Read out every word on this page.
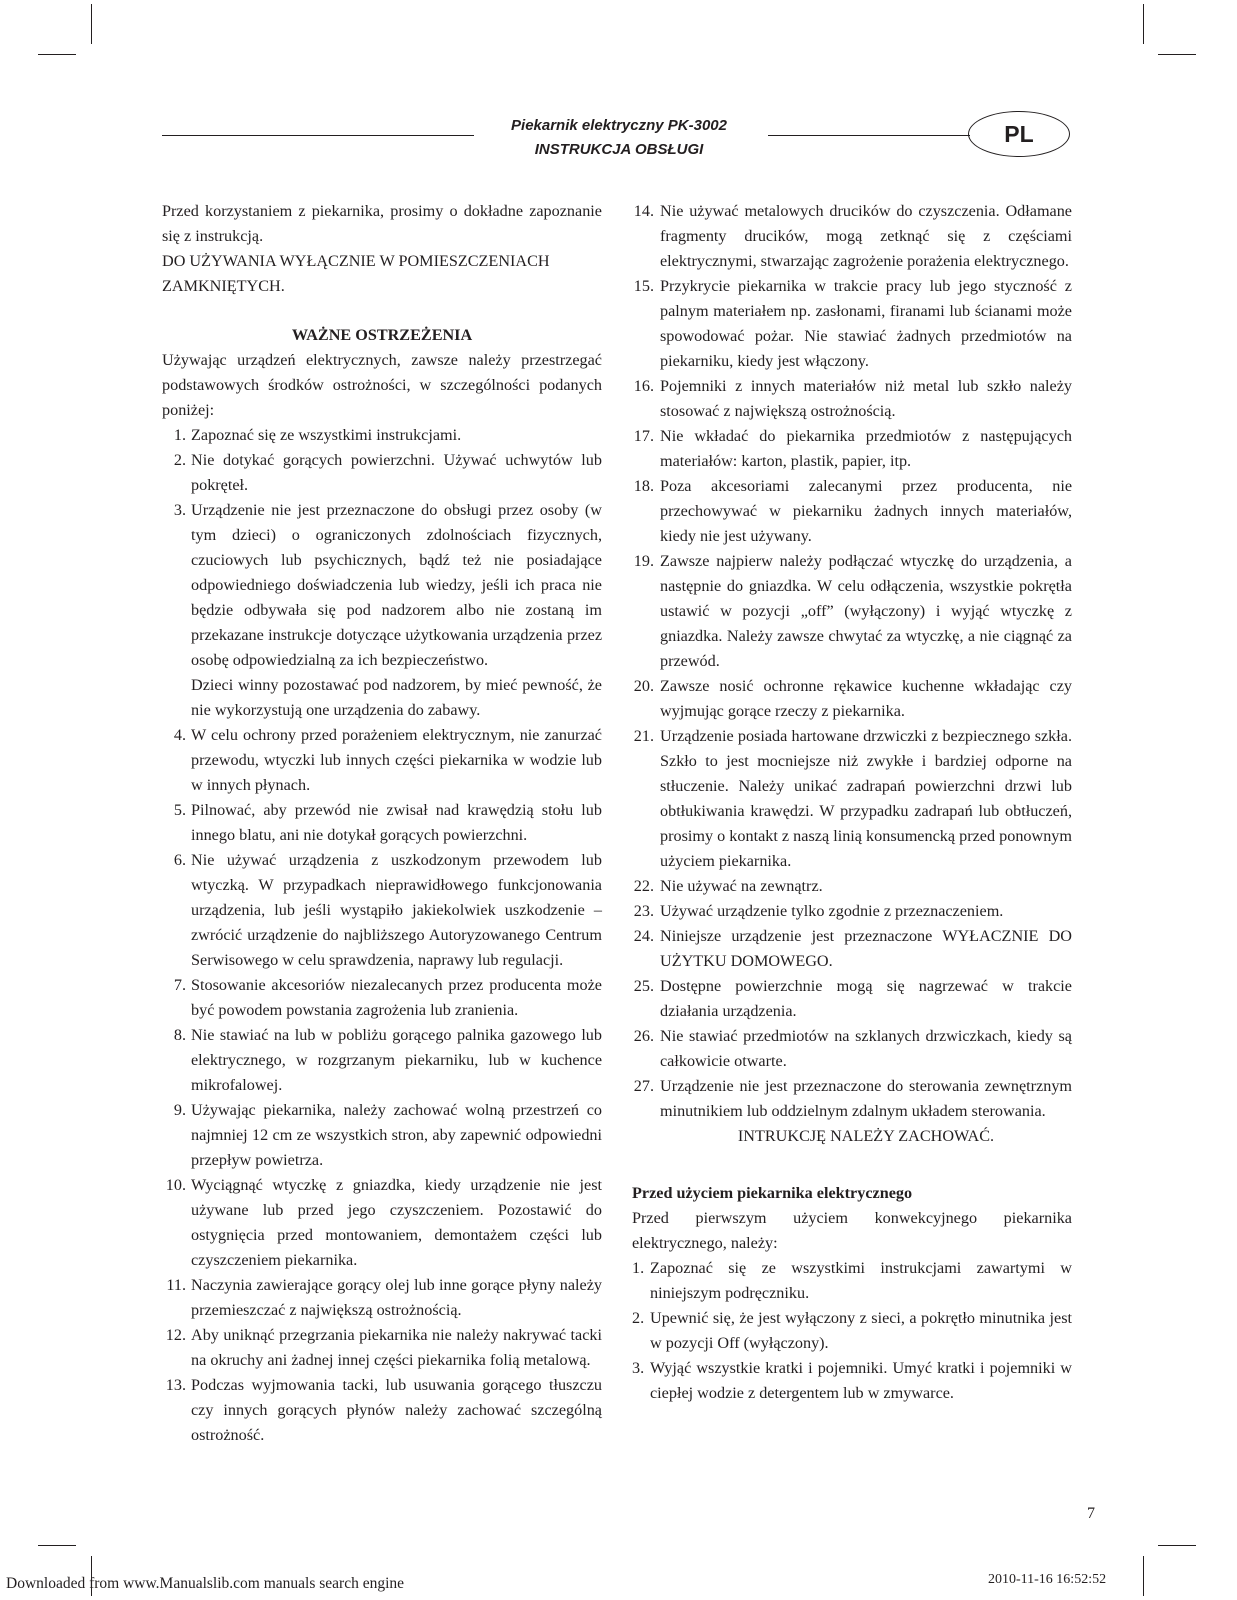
Piekarnik elektryczny PK-3002
INSTRUKCJA OBSŁUGI
PL

Przed korzystaniem z piekarnika, prosimy o dokładne zapoznanie się z instrukcją.

DO UŻYWANIA WYŁĄCZNIE W POMIESZCZENIACH ZAMKNIĘTYCH.

WAŻNE OSTRZEŻENIA

Używając urządzeń elektrycznych, zawsze należy przestrzegać podstawowych środków ostrożności, w szczególności podanych poniżej:

1. Zapoznać się ze wszystkimi instrukcjami.
2. Nie dotykać gorących powierzchni. Używać uchwytów lub pokręteł.
3. Urządzenie nie jest przeznaczone do obsługi przez osoby (w tym dzieci) o ograniczonych zdolnościach fizycznych, czuciowych lub psychicznych, bądź też nie posiadające odpowiedniego doświadczenia lub wiedzy, jeśli ich praca nie będzie odbywała się pod nadzorem albo nie zostaną im przekazane instrukcje dotyczące użytkowania urządzenia przez osobę odpowiedzialną za ich bezpieczeństwo.
Dzieci winny pozostawać pod nadzorem, by mieć pewność, że nie wykorzystują one urządzenia do zabawy.
4. W celu ochrony przed porażeniem elektrycznym, nie zanurzać przewodu, wtyczki lub innych części piekarnika w wodzie lub w innych płynach.
5. Pilnować, aby przewód nie zwisał nad krawędzią stołu lub innego blatu, ani nie dotykał gorących powierzchni.
6. Nie używać urządzenia z uszkodzonym przewodem lub wtyczką. W przypadkach nieprawidłowego funkcjonowania urządzenia, lub jeśli wystąpiło jakiekolwiek uszkodzenie – zwrócić urządzenie do najbliższego Autoryzowanego Centrum Serwisowego w celu sprawdzenia, naprawy lub regulacji.
7. Stosowanie akcesoriów niezalecanych przez producenta może być powodem powstania zagrożenia lub zranienia.
8. Nie stawiać na lub w pobliżu gorącego palnika gazowego lub elektrycznego, w rozgrzanym piekarniku, lub w kuchence mikrofalowej.
9. Używając piekarnika, należy zachować wolną przestrzeń co najmniej 12 cm ze wszystkich stron, aby zapewnić odpowiedni przepływ powietrza.
10. Wyciągnąć wtyczkę z gniazdka, kiedy urządzenie nie jest używane lub przed jego czyszczeniem. Pozostawić do ostygnięcia przed montowaniem, demontażem części lub czyszczeniem piekarnika.
11. Naczynia zawierające gorący olej lub inne gorące płyny należy przemieszczać z największą ostrożnością.
12. Aby uniknąć przegrzania piekarnika nie należy nakrywać tacki na okruchy ani żadnej innej części piekarnika folią metalową.
13. Podczas wyjmowania tacki, lub usuwania gorącego tłuszczu czy innych gorących płynów należy zachować szczególną ostrożność.
14. Nie używać metalowych drucików do czyszczenia. Odłamane fragmenty drucików, mogą zetknąć się z częściami elektrycznymi, stwarzając zagrożenie porażenia elektrycznego.
15. Przykrycie piekarnika w trakcie pracy lub jego styczność z palnym materiałem np. zasłonami, firanami lub ścianami może spowodować pożar. Nie stawiać żadnych przedmiotów na piekarniku, kiedy jest włączony.
16. Pojemniki z innych materiałów niż metal lub szkło należy stosować z największą ostrożnością.
17. Nie wkładać do piekarnika przedmiotów z następujących materiałów: karton, plastik, papier, itp.
18. Poza akcesoriami zalecanymi przez producenta, nie przechowywać w piekarniku żadnych innych materiałów, kiedy nie jest używany.
19. Zawsze najpierw należy podłączać wtyczkę do urządzenia, a następnie do gniazdka. W celu odłączenia, wszystkie pokrętła ustawić w pozycji „off” (wyłączony) i wyjąć wtyczkę z gniazdka. Należy zawsze chwytać za wtyczkę, a nie ciągnąć za przewód.
20. Zawsze nosić ochronne rękawice kuchenne wkładając czy wyjmując gorące rzeczy z piekarnika.
21. Urządzenie posiada hartowane drzwiczki z bezpiecznego szkła. Szkło to jest mocniejsze niż zwykłe i bardziej odporne na stłuczenie. Należy unikać zadrapań powierzchni drzwi lub obtłukiwania krawędzi. W przypadku zadrapań lub obtłuczeń, prosimy o kontakt z naszą linią konsumencką przed ponownym użyciem piekarnika.
22. Nie używać na zewnątrz.
23. Używać urządzenie tylko zgodnie z przeznaczeniem.
24. Niniejsze urządzenie jest przeznaczone WYŁACZNIE DO UŻYTKU DOMOWEGO.
25. Dostępne powierzchnie mogą się nagrzewać w trakcie działania urządzenia.
26. Nie stawiać przedmiotów na szklanych drzwiczkach, kiedy są całkowicie otwarte.
27. Urządzenie nie jest przeznaczone do sterowania zewnętrznym minutnikiem lub oddzielnym zdalnym układem sterowania.
INTRUKCJĘ NALEŻY ZACHOWAĆ.

Przed użyciem piekarnika elektrycznego

Przed pierwszym użyciem konwekcyjnego piekarnika elektrycznego, należy:

1. Zapoznać się ze wszystkimi instrukcjami zawartymi w niniejszym podręczniku.
2. Upewnić się, że jest wyłączony z sieci, a pokrętło minutnika jest w pozycji Off (wyłączony).
3. Wyjąć wszystkie kratki i pojemniki. Umyć kratki i pojemniki w ciepłej wodzie z detergentem lub w zmywarce.
7
Downloaded from www.Manualslib.com manuals search engine	2010-11-16 16:52:52
